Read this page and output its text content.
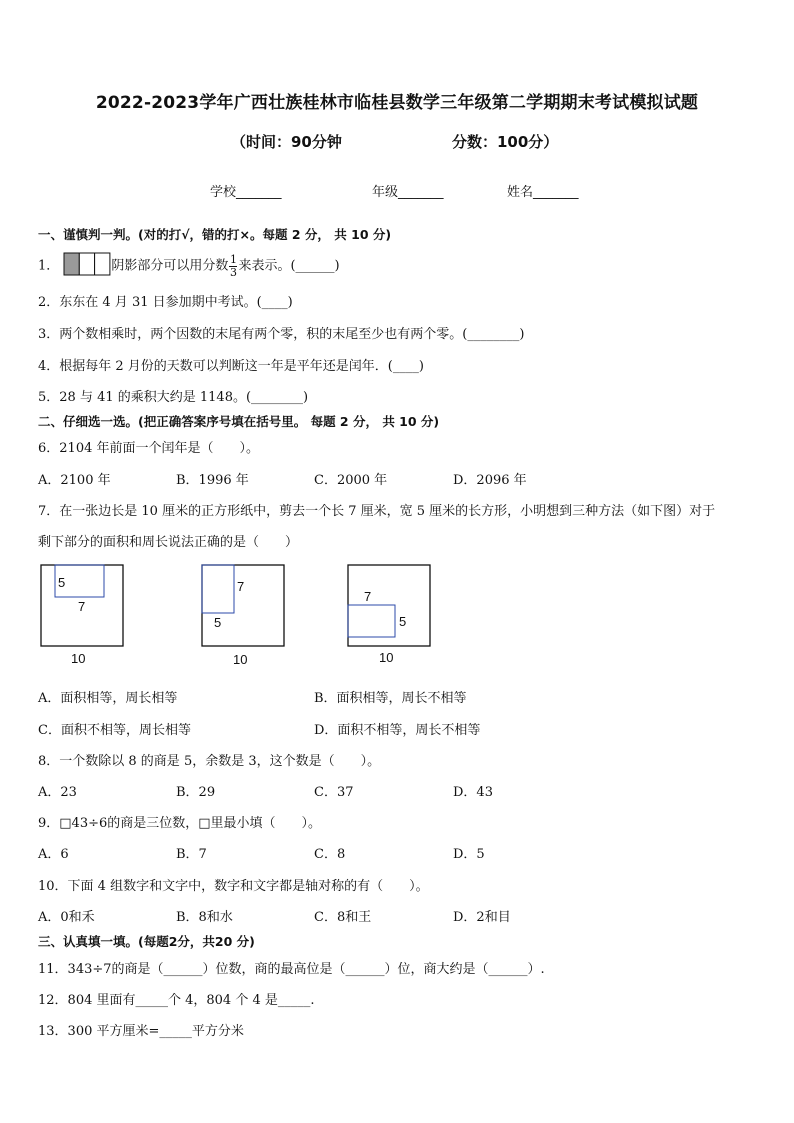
2022-2023学年广西壮族桂林市临桂县数学三年级第二学期期末考试模拟试题
（时间：90分钟	分数：100分）
学校_______	年级_______	姓名_______
一、谨慎判一判。(对的打√，错的打×。每题 2 分， 共 10 分)
1．	阴影部分可以用分数 $\frac{1}{3}$ 来表示。(______)
2．东东在 4 月 31 日参加期中考试。(____)
3．两个数相乘时，两个因数的末尾有两个零，积的末尾至少也有两个零。(________)
4．根据每年 2 月份的天数可以判断这一年是平年还是闰年．(____)
5．28 与 41 的乘积大约是 1148。(________)
二、仔细选一选。(把正确答案序号填在括号里。 每题 2 分， 共 10 分)
6．2104 年前面一个闰年是（　　）。
A．2100 年	B．1996 年	C．2000 年	D．2096 年
7．在一张边长是 10 厘米的正方形纸中，剪去一个长 7 厘米，宽 5 厘米的长方形，小明想到三种方法（如下图）对于
剩下部分的面积和周长说法正确的是（　　）
5
7
10
7
5
10
7
5
10
A．面积相等，周长相等	B．面积相等，周长不相等
C．面积不相等，周长相等	D．面积不相等，周长不相等
8．一个数除以 8 的商是 5，余数是 3，这个数是（　　）。
A．23	B．29	C．37	D．43
9．□43÷6的商是三位数，□里最小填（　　）。
A．6	B．7	C．8	D．5
10．下面 4 组数字和文字中，数字和文字都是轴对称的有（　　）。
A．0和禾	B．8和水	C．8和王	D．2和目
三、认真填一填。(每题2分，共20 分)
11．343÷7的商是（______）位数，商的最高位是（______）位，商大约是（______）.
12．804 里面有_____个 4，804 个 4 是_____.
13．300 平方厘米=_____平方分米
